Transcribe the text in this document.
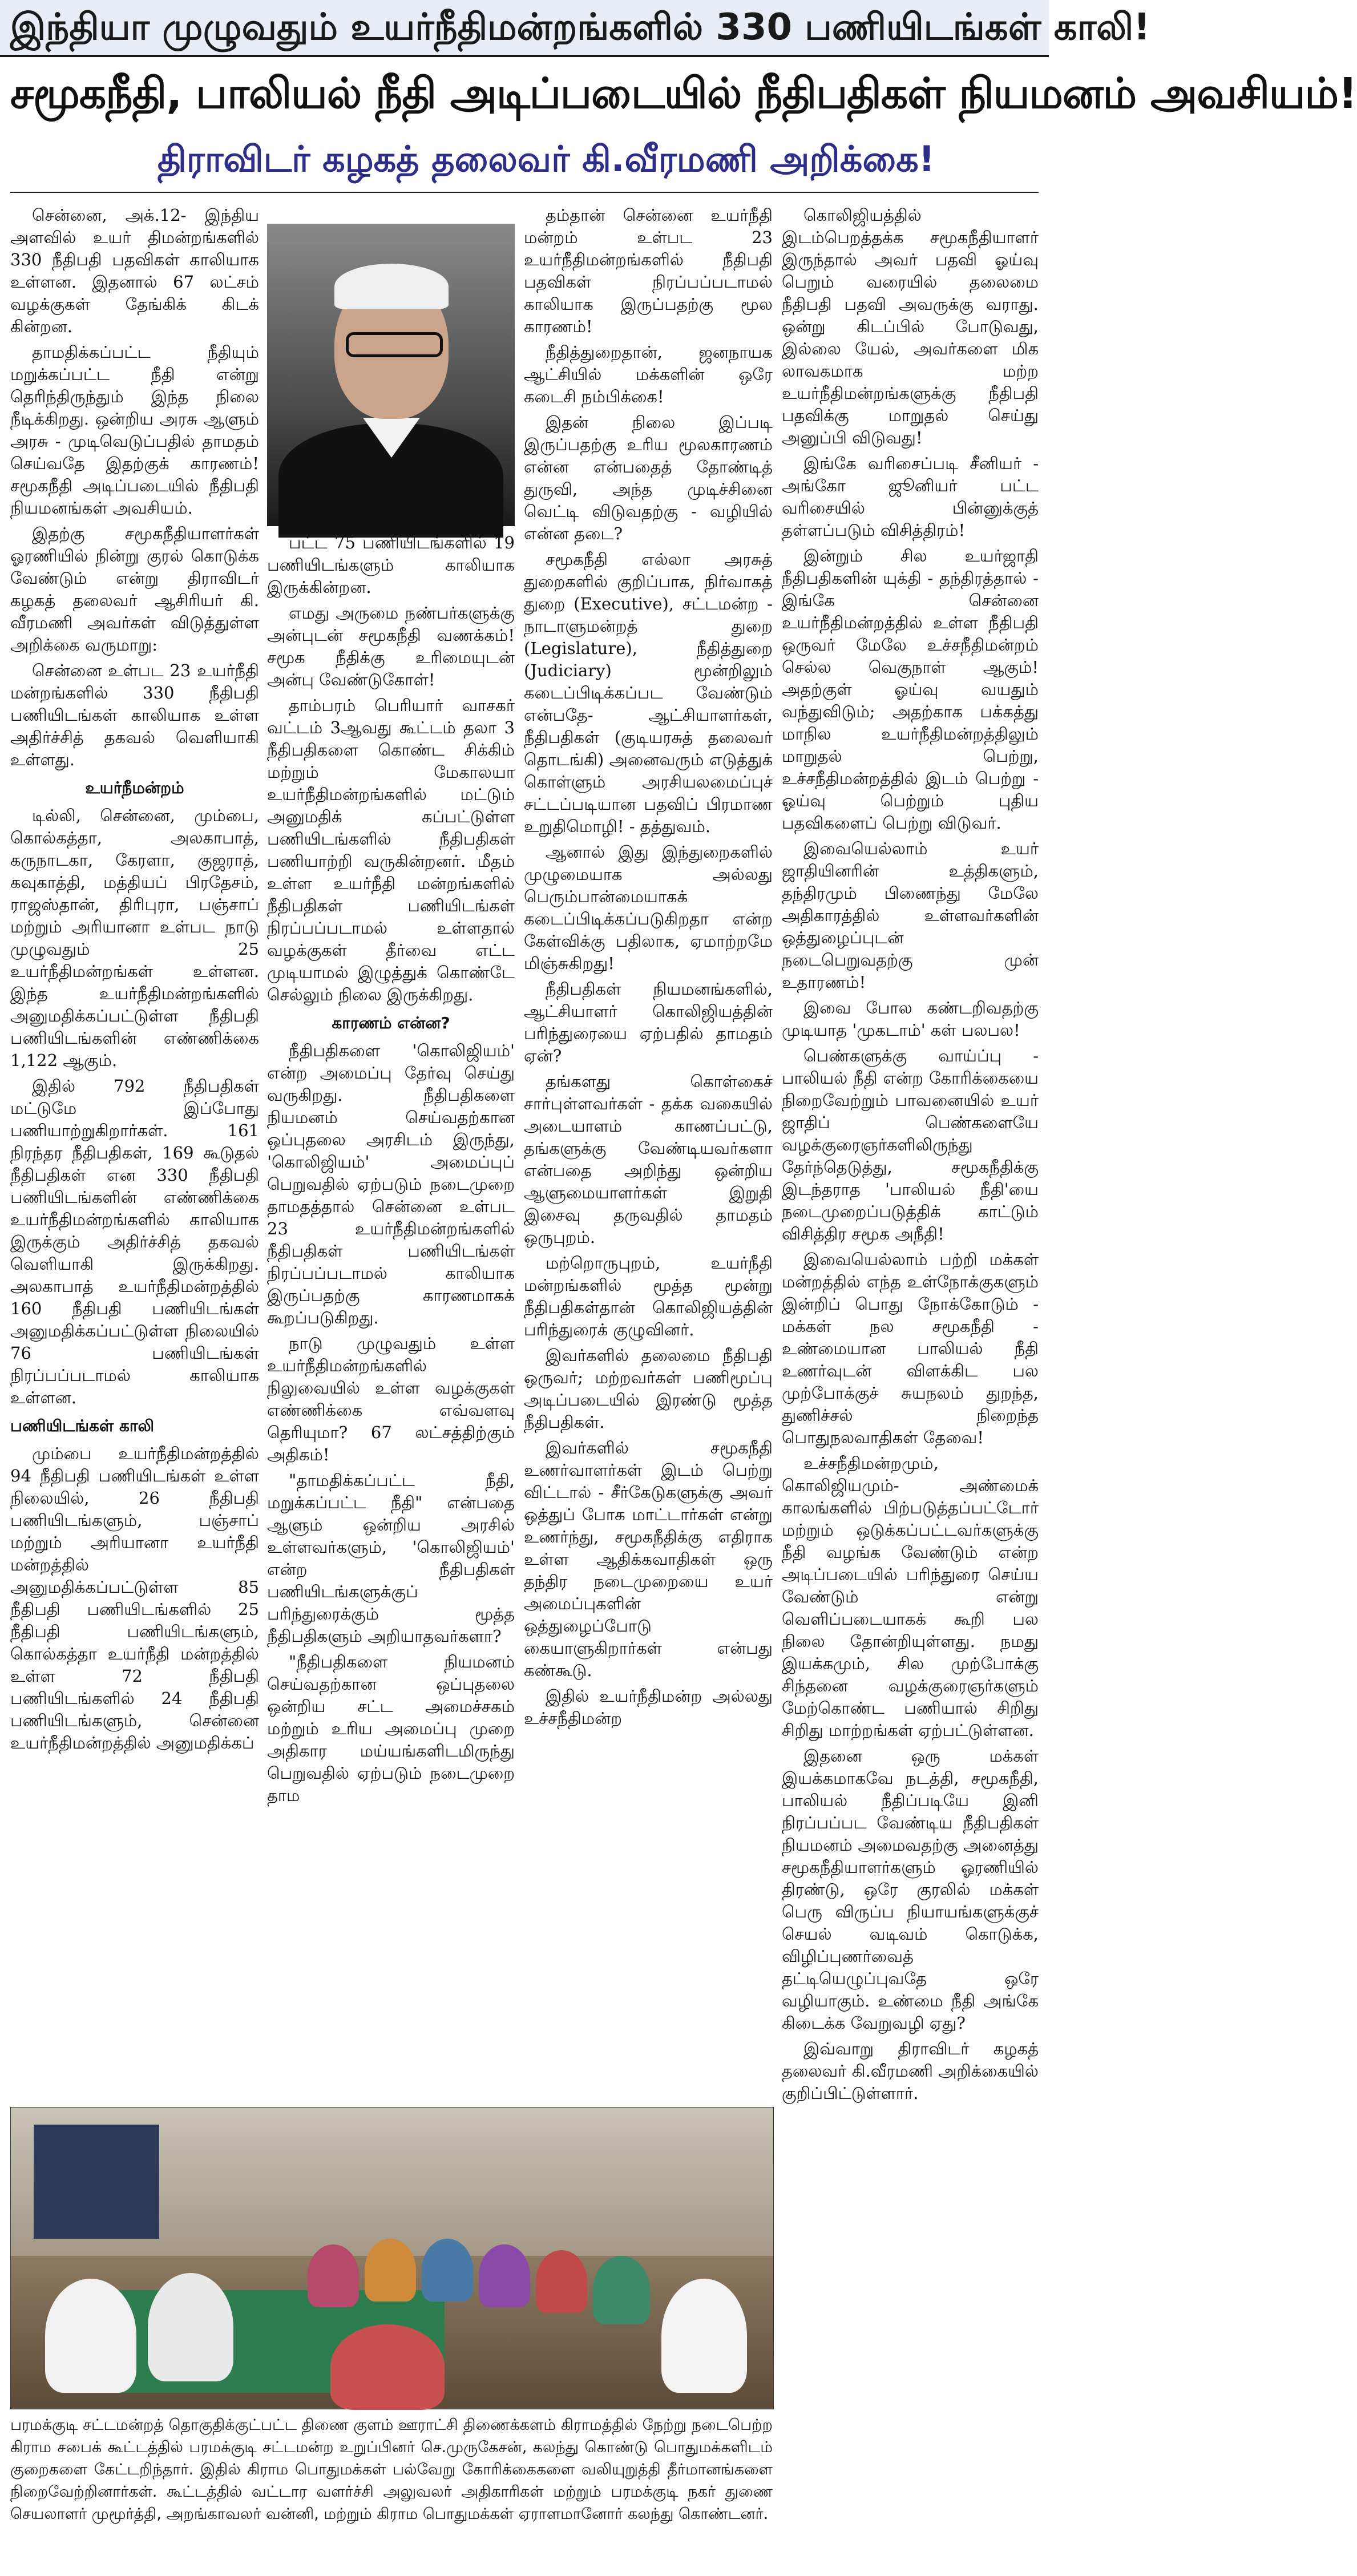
இந்தியா முழுவதும் உயர்நீதிமன்றங்களில் 330 பணியிடங்கள் காலி!
சமூகநீதி, பாலியல் நீதி அடிப்படையில் நீதிபதிகள் நியமனம் அவசியம்!
திராவிடர் கழகத் தலைவர் கி.வீரமணி அறிக்கை!

சென்னை, அக்.12- இந்திய அளவில் உயர் திமன்றங்களில் 330 நீதிபதி பதவிகள் காலியாக உள்ளன. இதனால் 67 லட்சம் வழக்குகள் தேங்கிக் கிடக் கின்றன.

தாமதிக்கப்பட்ட நீதியும் மறுக்கப்பட்ட நீதி என்று தெரிந்திருந்தும் இந்த நிலை நீடிக்கிறது. ஒன்றிய அரசு ஆளும் அரசு - முடிவெடுப்பதில் தாமதம் செய்வதே இதற்குக் காரணம்! சமூகநீதி அடிப்படையில் நீதிபதி நியமனங்கள் அவசியம்.

இதற்கு சமூகநீதியாளர்கள் ஓரணியில் நின்று குரல் கொடுக்க வேண்டும் என்று திராவிடர் கழகத் தலைவர் ஆசிரியர் கி. வீரமணி அவர்கள் விடுத்துள்ள அறிக்கை வருமாறு:

சென்னை உள்பட 23 உயர்நீதி மன்றங்களில் 330 நீதிபதி பணியிடங்கள் காலியாக உள்ள அதிர்ச்சித் தகவல் வெளியாகி உள்ளது.

உயர்நீமன்றம்

டில்லி, சென்னை, மும்பை, கொல்கத்தா, அலகாபாத், கருநாடகா, கேரளா, குஜராத், கவுகாத்தி, மத்தியப் பிரதேசம், ராஜஸ்தான், திரிபுரா, பஞ்சாப் மற்றும் அரியானா உள்பட நாடு முழுவதும் 25 உயர்நீதிமன்றங்கள் உள்ளன. இந்த உயர்நீதிமன்றங்களில் அனுமதிக்கப்பட்டுள்ள நீதிபதி பணியிடங்களின் எண்ணிக்கை 1,122 ஆகும்.

இதில் 792 நீதிபதிகள் மட்டுமே இப்போது பணியாற்றுகிறார்கள். 161 நிரந்தர நீதிபதிகள், 169 கூடுதல் நீதிபதிகள் என 330 நீதிபதி பணியிடங்களின் எண்ணிக்கை உயர்நீதிமன்றங்களில் காலியாக இருக்கும் அதிர்ச்சித் தகவல் வெளியாகி இருக்கிறது. அலகாபாத் உயர்நீதிமன்றத்தில் 160 நீதிபதி பணியிடங்கள் அனுமதிக்கப்பட்டுள்ள நிலையில் 76 பணியிடங்கள் நிரப்பப்படாமல் காலியாக உள்ளன.

பணியிடங்கள் காலி

மும்பை உயர்நீதிமன்றத்தில் 94 நீதிபதி பணியிடங்கள் உள்ள நிலையில், 26 நீதிபதி பணியிடங்களும், பஞ்சாப் மற்றும் அரியானா உயர்நீதி மன்றத்தில் அனுமதிக்கப்பட்டுள்ள 85 நீதிபதி பணியிடங்களில் 25 நீதிபதி பணியிடங்களும், கொல்கத்தா உயர்நீதி மன்றத்தில் உள்ள 72 நீதிபதி பணியிடங்களில் 24 நீதிபதி பணியிடங்களும், சென்னை உயர்நீதிமன்றத்தில் அனுமதிக்கப்

பட்ட 75 பணியிடங்களில் 19 பணியிடங்களும் காலியாக இருக்கின்றன.

எமது அருமை நண்பர்களுக்கு அன்புடன் சமூகநீதி வணக்கம்! சமூக நீதிக்கு உரிமையுடன் அன்பு வேண்டுகோள்!

தாம்பரம் பெரியார் வாசகர் வட்டம் 3ஆவது கூட்டம் தலா 3 நீதிபதிகளை கொண்ட சிக்கிம் மற்றும் மேகாலயா உயர்நீதிமன்றங்களில் மட்டும் அனுமதிக் கப்பட்டுள்ள பணியிடங்களில் நீதிபதிகள் பணியாற்றி வருகின்றனர். மீதம் உள்ள உயர்நீதி மன்றங்களில் நீதிபதிகள் பணியிடங்கள் நிரப்பப்படாமல் உள்ளதால் வழக்குகள் தீர்வை எட்ட முடியாமல் இழுத்துக் கொண்டே செல்லும் நிலை இருக்கிறது.

காரணம் என்ன?

நீதிபதிகளை 'கொலிஜியம்' என்ற அமைப்பு தேர்வு செய்து வருகிறது. நீதிபதிகளை நியமனம் செய்வதற்கான ஒப்புதலை அரசிடம் இருந்து, 'கொலிஜியம்' அமைப்புப் பெறுவதில் ஏற்படும் நடைமுறை தாமதத்தால் சென்னை உள்பட 23 உயர்நீதிமன்றங்களில் நீதிபதிகள் பணியிடங்கள் நிரப்பப்படாமல் காலியாக இருப்பதற்கு காரணமாகக் கூறப்படுகிறது.

நாடு முழுவதும் உள்ள உயர்நீதிமன்றங்களில் நிலுவையில் உள்ள வழக்குகள் எண்ணிக்கை எவ்வளவு தெரியுமா? 67 லட்சத்திற்கும் அதிகம்!

"தாமதிக்கப்பட்ட நீதி, மறுக்கப்பட்ட நீதி" என்பதை ஆளும் ஒன்றிய அரசில் உள்ளவர்களும், 'கொலிஜியம்' என்ற நீதிபதிகள் பணியிடங்களுக்குப் பரிந்துரைக்கும் மூத்த நீதிபதிகளும் அறியாதவர்களா?

"நீதிபதிகளை நியமனம் செய்வதற்கான ஒப்புதலை ஒன்றிய சட்ட அமைச்சகம் மற்றும் உரிய அமைப்பு முறை அதிகார மய்யங்களிடமிருந்து பெறுவதில் ஏற்படும் நடைமுறை தாம

தம்தான் சென்னை உயர்நீதி மன்றம் உள்பட 23 உயர்நீதிமன்றங்களில் நீதிபதி பதவிகள் நிரப்பப்படாமல் காலியாக இருப்பதற்கு மூல காரணம்!

நீதித்துறைதான், ஜனநாயக ஆட்சியில் மக்களின் ஒரே கடைசி நம்பிக்கை!

இதன் நிலை இப்படி இருப்பதற்கு உரிய மூலகாரணம் என்ன என்பதைத் தோண்டித் துருவி, அந்த முடிச்சினை வெட்டி விடுவதற்கு - வழியில் என்ன தடை?

சமூகநீதி எல்லா அரசுத் துறைகளில் குறிப்பாக, நிர்வாகத் துறை (Executive), சட்டமன்ற - நாடாளுமன்றத் துறை (Legislature), நீதித்துறை (Judiciary) மூன்றிலும் கடைப்பிடிக்கப்பட வேண்டும் என்பதே- ஆட்சியாளர்கள், நீதிபதிகள் (குடியரசுத் தலைவர் தொடங்கி) அனைவரும் எடுத்துக் கொள்ளும் அரசியலமைப்புச் சட்டப்படியான பதவிப் பிரமாண உறுதிமொழி! - தத்துவம்.

ஆனால் இது இந்துறைகளில் முழுமையாக அல்லது பெரும்பான்மையாகக் கடைப்பிடிக்கப்படுகிறதா என்ற கேள்விக்கு பதிலாக, ஏமாற்றமே மிஞ்சுகிறது!

நீதிபதிகள் நியமனங்களில், ஆட்சியாளர் கொலிஜியத்தின் பரிந்துரையை ஏற்பதில் தாமதம் ஏன்?

தங்களது கொள்கைச் சார்புள்ளவர்கள் - தக்க வகையில் அடையாளம் காணப்பட்டு, தங்களுக்கு வேண்டியவர்களா என்பதை அறிந்து ஒன்றிய ஆளுமையாளர்கள் இறுதி இசைவு தருவதில் தாமதம் ஒருபுறம்.

மற்றொருபுறம், உயர்நீதி மன்றங்களில் மூத்த மூன்று நீதிபதிகள்தான் கொலிஜியத்தின் பரிந்துரைக் குழுவினர்.

இவர்களில் தலைமை நீதிபதி ஒருவர்; மற்றவர்கள் பணிமூப்பு அடிப்படையில் இரண்டு மூத்த நீதிபதிகள்.

இவர்களில் சமூகநீதி உணர்வாளர்கள் இடம் பெற்று விட்டால் - சீர்கேடுகளுக்கு அவர் ஒத்துப் போக மாட்டார்கள் என்று உணர்ந்து, சமூகநீதிக்கு எதிராக உள்ள ஆதிக்கவாதிகள் ஒரு தந்திர நடைமுறையை உயர் அமைப்புகளின் ஒத்துழைப்போடு கையாளுகிறார்கள் என்பது கண்கூடு.

இதில் உயர்நீதிமன்ற அல்லது உச்சநீதிமன்ற

கொலிஜியத்தில் இடம்பெறத்தக்க சமூகநீதியாளர் இருந்தால் அவர் பதவி ஓய்வு பெறும் வரையில் தலைமை நீதிபதி பதவி அவருக்கு வராது. ஒன்று கிடப்பில் போடுவது, இல்லை யேல், அவர்களை மிக லாவகமாக மற்ற உயர்நீதிமன்றங்களுக்கு நீதிபதி பதவிக்கு மாறுதல் செய்து அனுப்பி விடுவது!

இங்கே வரிசைப்படி சீனியர் - அங்கோ ஜூனியர் பட்ட வரிசையில் பின்னுக்குத் தள்ளப்படும் விசித்திரம்!

இன்றும் சில உயர்ஜாதி நீதிபதிகளின் யுக்தி - தந்திரத்தால் - இங்கே சென்னை உயர்நீதிமன்றத்தில் உள்ள நீதிபதி ஒருவர் மேலே உச்சநீதிமன்றம் செல்ல வெகுநாள் ஆகும்! அதற்குள் ஓய்வு வயதும் வந்துவிடும்; அதற்காக பக்கத்து மாநில உயர்நீதிமன்றத்திலும் மாறுதல் பெற்று, உச்சநீதிமன்றத்தில் இடம் பெற்று - ஓய்வு பெற்றும் புதிய பதவிகளைப் பெற்று விடுவர்.

இவையெல்லாம் உயர் ஜாதியினரின் உத்திகளும், தந்திரமும் பிணைந்து மேலே அதிகாரத்தில் உள்ளவர்களின் ஒத்துழைப்புடன் நடைபெறுவதற்கு முன் உதாரணம்!

இவை போல கண்டறிவதற்கு முடியாத 'முகடாம்' கள் பலபல!

பெண்களுக்கு வாய்ப்பு - பாலியல் நீதி என்ற கோரிக்கையை நிறைவேற்றும் பாவனையில் உயர் ஜாதிப் பெண்களையே வழக்குரைஞர்களிலிருந்து தேர்ந்தெடுத்து, சமூகநீதிக்கு இடந்தராத 'பாலியல் நீதி'யை நடைமுறைப்படுத்திக் காட்டும் விசித்திர சமூக அநீதி!

இவையெல்லாம் பற்றி மக்கள் மன்றத்தில் எந்த உள்நோக்குகளும் இன்றிப் பொது நோக்கோடும் - மக்கள் நல சமூகநீதி - உண்மையான பாலியல் நீதி உணர்வுடன் விளக்கிட பல முற்போக்குச் சுயநலம் துறந்த, துணிச்சல் நிறைந்த பொதுநலவாதிகள் தேவை!

உச்சநீதிமன்றமும், கொலிஜியமும்- அண்மைக் காலங்களில் பிற்படுத்தப்பட்டோர் மற்றும் ஒடுக்கப்பட்டவர்களுக்கு நீதி வழங்க வேண்டும் என்ற அடிப்படையில் பரிந்துரை செய்ய வேண்டும் என்று வெளிப்படையாகக் கூறி பல நிலை தோன்றியுள்ளது. நமது இயக்கமும், சில முற்போக்கு சிந்தனை வழக்குரைஞர்களும் மேற்கொண்ட பணியால் சிறிது சிறிது மாற்றங்கள் ஏற்பட்டுள்ளன.

இதனை ஒரு மக்கள் இயக்கமாகவே நடத்தி, சமூகநீதி, பாலியல் நீதிப்படியே இனி நிரப்பப்பட வேண்டிய நீதிபதிகள் நியமனம் அமைவதற்கு அனைத்து சமூகநீதியாளர்களும் ஓரணியில் திரண்டு, ஒரே குரலில் மக்கள் பெரு விருப்ப நியாயங்களுக்குச் செயல் வடிவம் கொடுக்க, விழிப்புணர்வைத் தட்டியெழுப்புவதே ஒரே வழியாகும். உண்மை நீதி அங்கே கிடைக்க வேறுவழி ஏது?

இவ்வாறு திராவிடர் கழகத் தலைவர் கி.வீரமணி அறிக்கையில் குறிப்பிட்டுள்ளார்.

பரமக்குடி சட்டமன்றத் தொகுதிக்குட்பட்ட திணை குளம் ஊராட்சி திணைக்களம் கிராமத்தில் நேற்று நடைபெற்ற கிராம சபைக் கூட்டத்தில் பரமக்குடி சட்டமன்ற உறுப்பினர் செ.முருகேசன், கலந்து கொண்டு பொதுமக்களிடம் குறைகளை கேட்டறிந்தார். இதில் கிராம பொதுமக்கள் பல்வேறு கோரிக்கைகளை வலியுறுத்தி தீர்மானங்களை நிறைவேற்றினார்கள். கூட்டத்தில் வட்டார வளர்ச்சி அலுவலர் அதிகாரிகள் மற்றும் பரமக்குடி நகர் துணை செயலாளர் முமூர்த்தி, அறங்காவலர் வன்னி, மற்றும் கிராம பொதுமக்கள் ஏராளமானோர் கலந்து கொண்டனர்.
